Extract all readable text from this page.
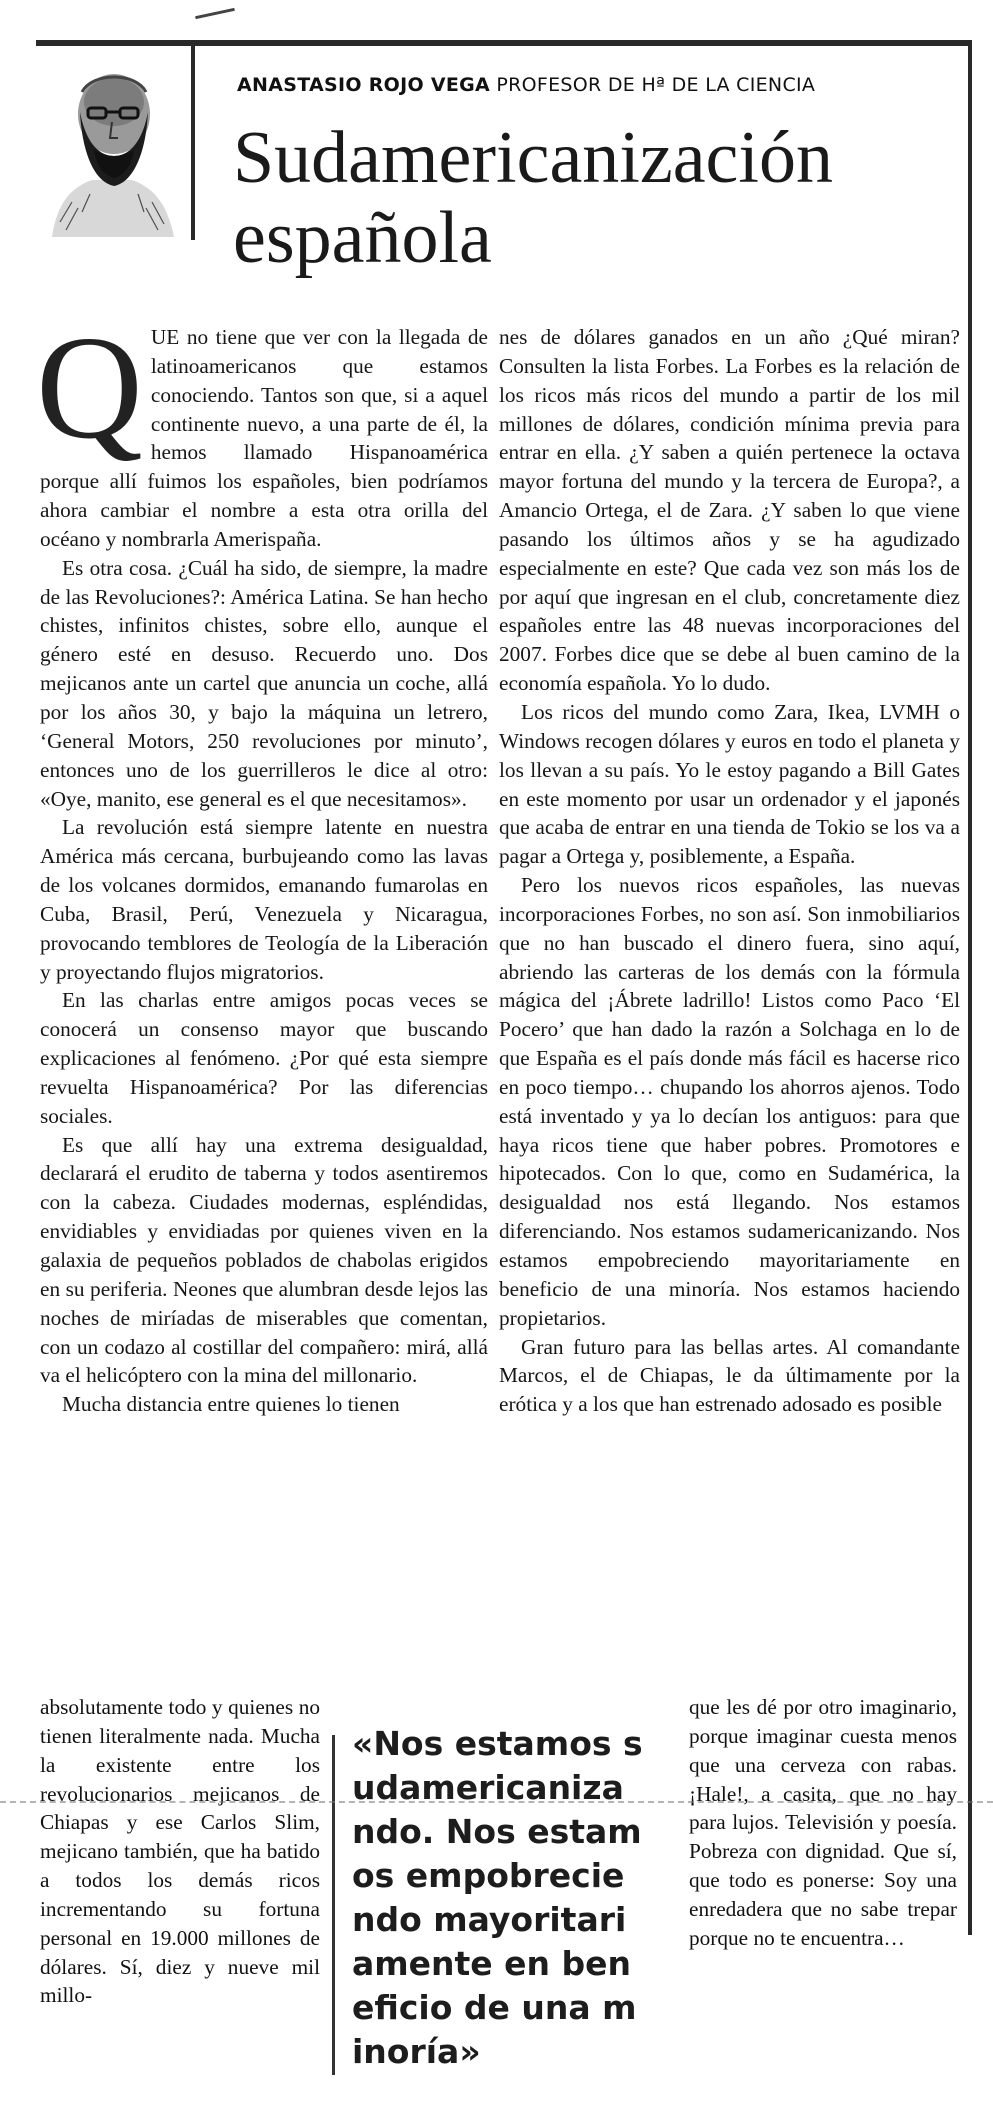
ANASTASIO ROJO VEGA PROFESOR DE Hª DE LA CIENCIA
Sudamericanización
española
Q UE no tiene que ver con la llegada de latinoamericanos que estamos conociendo. Tantos son que, si a aquel continente nuevo, a una parte de él, la hemos llamado Hispanoamérica porque allí fuimos los españoles, bien podríamos ahora cambiar el nombre a esta otra orilla del océano y nombrarla Amerispaña.

Es otra cosa. ¿Cuál ha sido, de siempre, la madre de las Revoluciones?: América Latina. Se han hecho chistes, infinitos chistes, sobre ello, aunque el género esté en desuso. Recuerdo uno. Dos mejicanos ante un cartel que anuncia un coche, allá por los años 30, y bajo la máquina un letrero, ‘General Motors, 250 revoluciones por minuto’, entonces uno de los guerrilleros le dice al otro: «Oye, manito, ese general es el que necesitamos».

La revolución está siempre latente en nuestra América más cercana, burbujeando como las lavas de los volcanes dormidos, emanando fumarolas en Cuba, Brasil, Perú, Venezuela y Nicaragua, provocando temblores de Teología de la Liberación y proyectando flujos migratorios.

En las charlas entre amigos pocas veces se conocerá un consenso mayor que buscando explicaciones al fenómeno. ¿Por qué esta siempre revuelta Hispanoamérica? Por las diferencias sociales.

Es que allí hay una extrema desigualdad, declarará el erudito de taberna y todos asentiremos con la cabeza. Ciudades modernas, espléndidas, envidiables y envidiadas por quienes viven en la galaxia de pequeños poblados de chabolas erigidos en su periferia. Neones que alumbran desde lejos las noches de miríadas de miserables que comentan, con un codazo al costillar del compañero: mirá, allá va el helicóptero con la mina del millonario.

Mucha distancia entre quienes lo tienen

nes de dólares ganados en un año ¿Qué miran? Consulten la lista Forbes. La Forbes es la relación de los ricos más ricos del mundo a partir de los mil millones de dólares, condición mínima previa para entrar en ella. ¿Y saben a quién pertenece la octava mayor fortuna del mundo y la tercera de Europa?, a Amancio Ortega, el de Zara. ¿Y saben lo que viene pasando los últimos años y se ha agudizado especialmente en este? Que cada vez son más los de por aquí que ingresan en el club, concretamente diez españoles entre las 48 nuevas incorporaciones del 2007. Forbes dice que se debe al buen camino de la economía española. Yo lo dudo.

Los ricos del mundo como Zara, Ikea, LVMH o Windows recogen dólares y euros en todo el planeta y los llevan a su país. Yo le estoy pagando a Bill Gates en este momento por usar un ordenador y el japonés que acaba de entrar en una tienda de Tokio se los va a pagar a Ortega y, posiblemente, a España.

Pero los nuevos ricos españoles, las nuevas incorporaciones Forbes, no son así. Son inmobiliarios que no han buscado el dinero fuera, sino aquí, abriendo las carteras de los demás con la fórmula mágica del ¡Ábrete ladrillo! Listos como Paco ‘El Pocero’ que han dado la razón a Solchaga en lo de que España es el país donde más fácil es hacerse rico en poco tiempo… chupando los ahorros ajenos. Todo está inventado y ya lo decían los antiguos: para que haya ricos tiene que haber pobres. Promotores e hipotecados. Con lo que, como en Sudamérica, la desigualdad nos está llegando. Nos estamos diferenciando. Nos estamos sudamericanizando. Nos estamos empobreciendo mayoritariamente en beneficio de una minoría. Nos estamos haciendo propietarios.

Gran futuro para las bellas artes. Al comandante Marcos, el de Chiapas, le da últimamente por la erótica y a los que han estrenado adosado es posible

absolutamente todo y quienes no tienen literalmente nada. Mucha la existente entre los revolucionarios mejicanos de Chiapas y ese Carlos Slim, mejicano también, que ha batido a todos los demás ricos incrementando su fortuna personal en 19.000 millones de dólares. Sí, diez y nueve mil millo-

«Nos estamos sudamericanizando. Nos estamos empobreciendo mayoritariamente en beneficio de una minoría»

que les dé por otro imaginario, porque imaginar cuesta menos que una cerveza con rabas. ¡Hale!, a casita, que no hay para lujos. Televisión y poesía. Pobreza con dignidad. Que sí, que todo es ponerse: Soy una enredadera que no sabe trepar porque no te encuentra…
